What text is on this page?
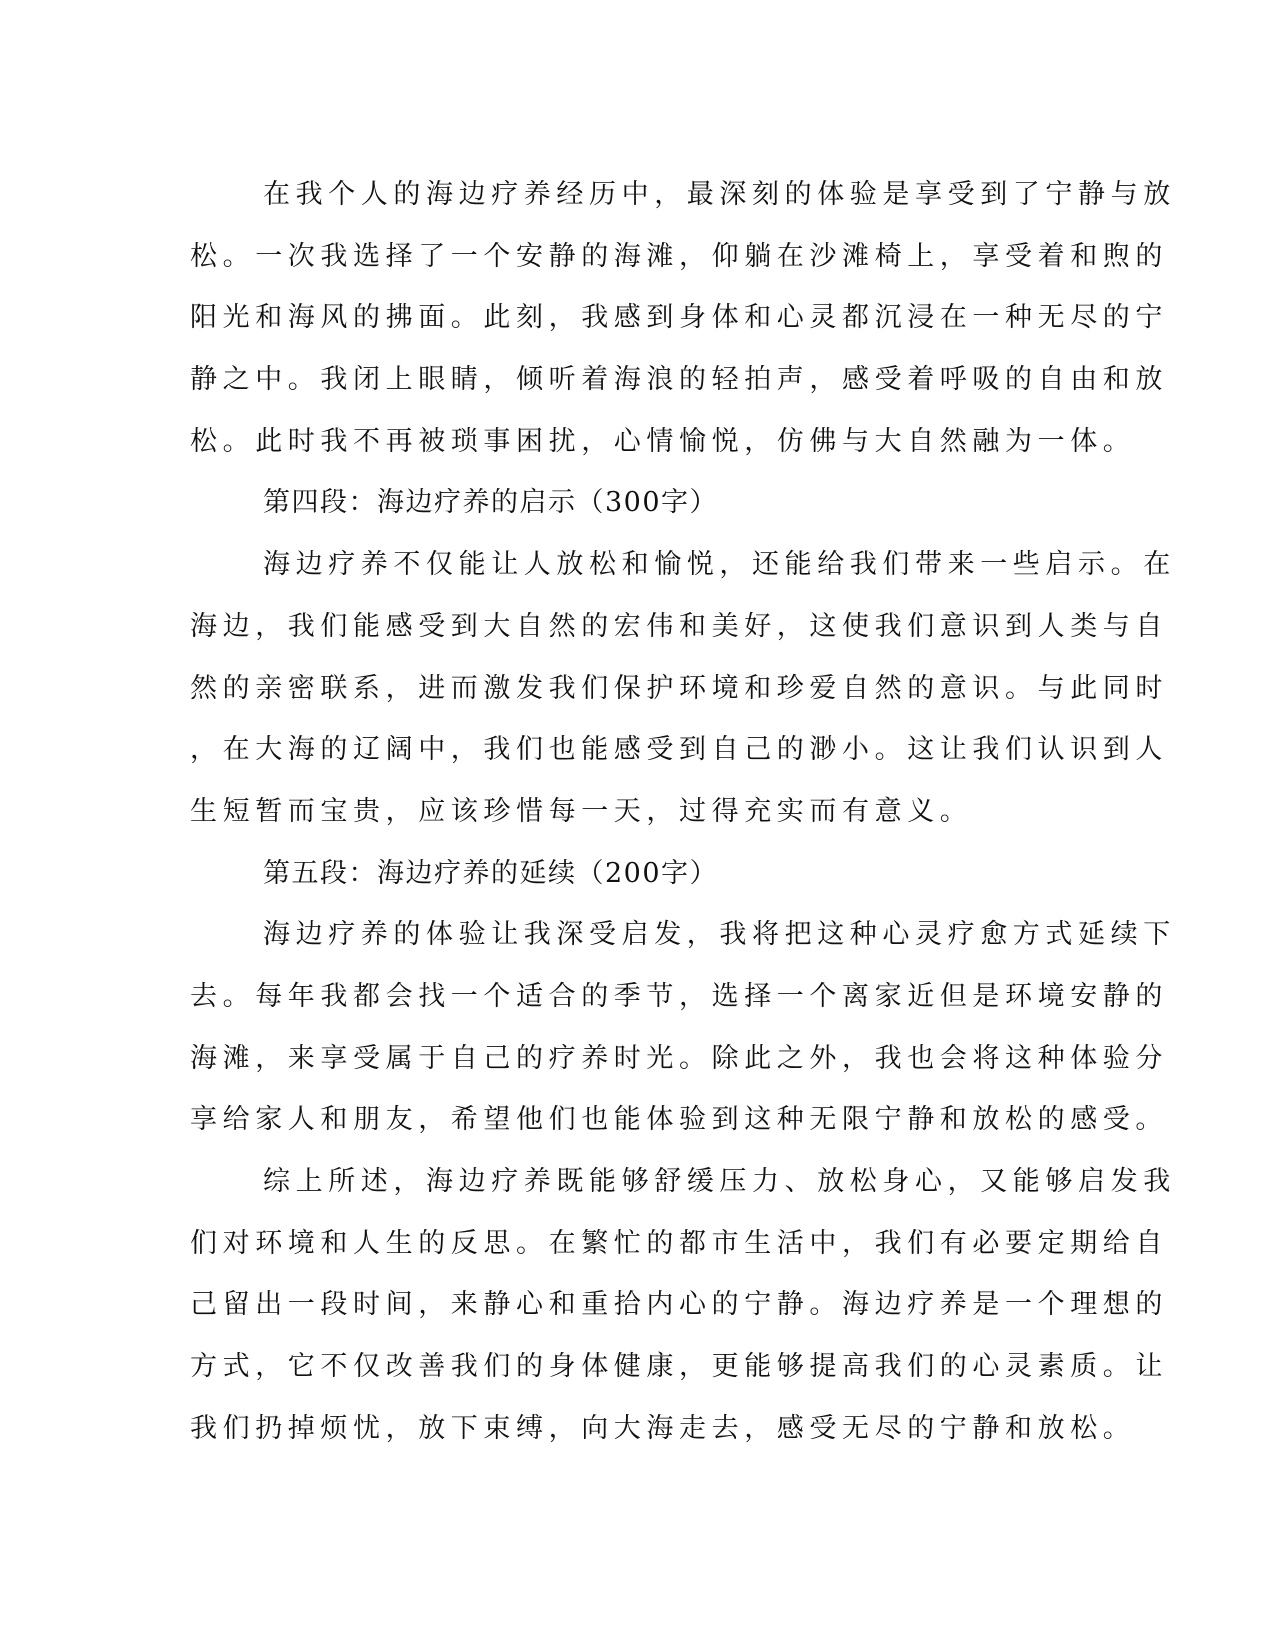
在我个人的海边疗养经历中，最深刻的体验是享受到了宁静与放
松。一次我选择了一个安静的海滩，仰躺在沙滩椅上，享受着和煦的
阳光和海风的拂面。此刻，我感到身体和心灵都沉浸在一种无尽的宁
静之中。我闭上眼睛，倾听着海浪的轻拍声，感受着呼吸的自由和放
松。此时我不再被琐事困扰，心情愉悦，仿佛与大自然融为一体。
第四段：海边疗养的启示（300字）
海边疗养不仅能让人放松和愉悦，还能给我们带来一些启示。在
海边，我们能感受到大自然的宏伟和美好，这使我们意识到人类与自
然的亲密联系，进而激发我们保护环境和珍爱自然的意识。与此同时
，在大海的辽阔中，我们也能感受到自己的渺小。这让我们认识到人
生短暂而宝贵，应该珍惜每一天，过得充实而有意义。
第五段：海边疗养的延续（200字）
海边疗养的体验让我深受启发，我将把这种心灵疗愈方式延续下
去。每年我都会找一个适合的季节，选择一个离家近但是环境安静的
海滩，来享受属于自己的疗养时光。除此之外，我也会将这种体验分
享给家人和朋友，希望他们也能体验到这种无限宁静和放松的感受。
综上所述，海边疗养既能够舒缓压力、放松身心，又能够启发我
们对环境和人生的反思。在繁忙的都市生活中，我们有必要定期给自
己留出一段时间，来静心和重拾内心的宁静。海边疗养是一个理想的
方式，它不仅改善我们的身体健康，更能够提高我们的心灵素质。让
我们扔掉烦忧，放下束缚，向大海走去，感受无尽的宁静和放松。
